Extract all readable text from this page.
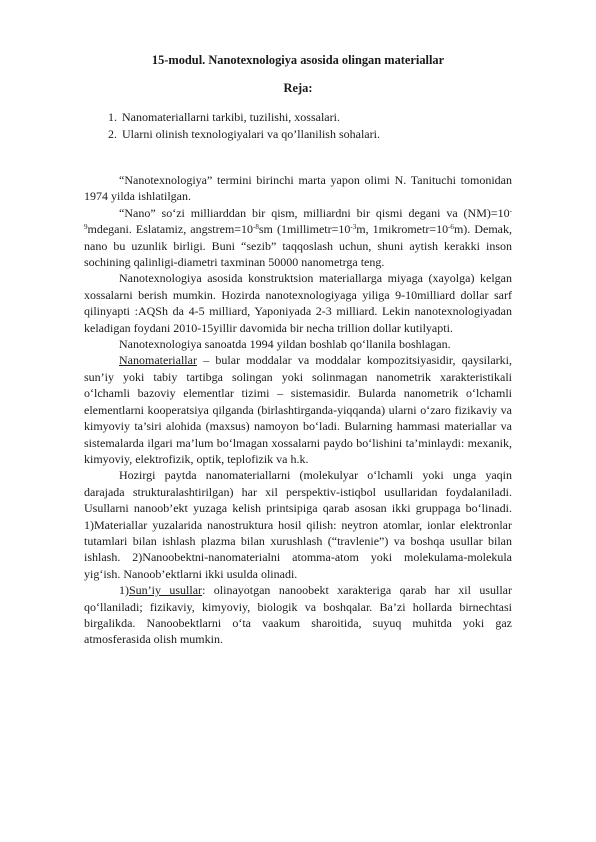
15-modul. Nanotexnologiya asosida olingan materiallar
Reja:
1. Nanomateriallarni tarkibi, tuzilishi, xossalari.
2. Ularni olinish texnologiyalari va qo’llanilish sohalari.

“Nanotexnologiya” termini birinchi marta yapon olimi N. Tanituchi tomonidan 1974 yilda ishlatilgan.

“Nano” so‘zi milliarddan bir qism, milliardni bir qismi degani va $(NM)=10^{-9}mdegani$. Eslatamiz, $angstrem=10^{-8}sm$ ($1millimetr=10^{-3}m$, $1mikrometr=10^{-6}m$). Demak, nano bu uzunlik birligi. Buni “sezib” taqqoslash uchun, shuni aytish kerakki inson sochining qalinligi-diametri taxminan 50000 nanometrga teng.

Nanotexnologiya asosida konstruktsion materiallarga miyaga (xayolga) kelgan xossalarni berish mumkin. Hozirda nanotexnologiyaga yiliga 9-10milliard dollar sarf qilinyapti :AQSh da 4-5 milliard, Yaponiyada 2-3 milliard. Lekin nanotexnologiyadan keladigan foydani 2010-15yillir davomida bir necha trillion dollar kutilyapti.

Nanotexnologiya sanoatda 1994 yildan boshlab qo‘llanila boshlagan.

Nanomateriallar – bular moddalar va moddalar kompozitsiyasidir, qaysilarki, sun’iy yoki tabiy tartibga solingan yoki solinmagan nanometrik xarakteristikali o‘lchamli bazoviy elementlar tizimi – sistemasidir. Bularda nanometrik o‘lchamli elementlarni kooperatsiya qilganda (birlashtirganda-yiqqanda) ularni o‘zaro fizikaviy va kimyoviy ta’siri alohida (maxsus) namoyon bo‘ladi. Bularning hammasi materiallar va sistemalarda ilgari ma’lum bo‘lmagan xossalarni paydo bo‘lishini ta’minlaydi: mexanik, kimyoviy, elektrofizik, optik, teplofizik va h.k.

Hozirgi paytda nanomateriallarni (molekulyar o‘lchamli yoki unga yaqin darajada strukturalashtirilgan) har xil perspektiv-istiqbol usullaridan foydalaniladi. Usullarni nanoob’ekt yuzaga kelish printsipiga qarab asosan ikki gruppaga bo‘linadi. 1)Materiallar yuzalarida nanostruktura hosil qilish: neytron atomlar, ionlar elektronlar tutamlari bilan ishlash plazma bilan xurushlash (“travlenie”) va boshqa usullar bilan ishlash. 2)Nanoobektni-nanomaterialni atomma-atom yoki molekulama-molekula yig‘ish. Nanoob’ektlarni ikki usulda olinadi.

1)Sun’iy usullar: olinayotgan nanoobekt xarakteriga qarab har xil usullar qo‘llaniladi; fizikaviy, kimyoviy, biologik va boshqalar. Ba’zi hollarda birnechtasi birgalikda. Nanoobektlarni o‘ta vaakum sharoitida, suyuq muhitda yoki gaz atmosferasida olish mumkin.
